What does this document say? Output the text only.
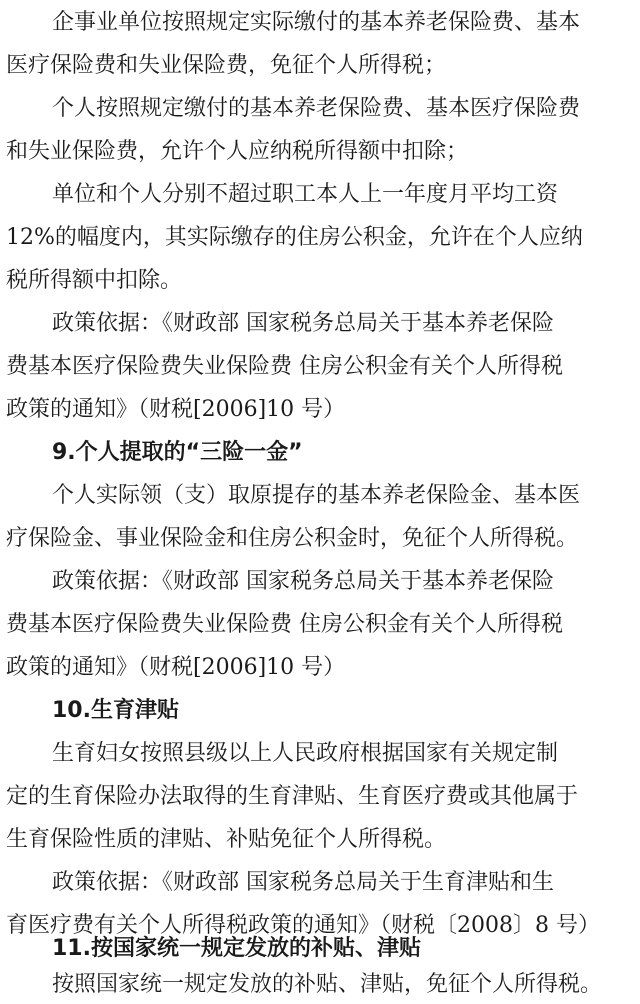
企事业单位按照规定实际缴付的基本养老保险费、基本
医疗保险费和失业保险费，免征个人所得税；
个人按照规定缴付的基本养老保险费、基本医疗保险费
和失业保险费，允许个人应纳税所得额中扣除；
单位和个人分别不超过职工本人上一年度月平均工资
12%的幅度内，其实际缴存的住房公积金，允许在个人应纳
税所得额中扣除。
政策依据：《财政部 国家税务总局关于基本养老保险
费基本医疗保险费失业保险费 住房公积金有关个人所得税
政策的通知》（财税[2006]10 号）
9.个人提取的“三险一金”
个人实际领（支）取原提存的基本养老保险金、基本医
疗保险金、事业保险金和住房公积金时，免征个人所得税。
政策依据：《财政部 国家税务总局关于基本养老保险
费基本医疗保险费失业保险费 住房公积金有关个人所得税
政策的通知》（财税[2006]10 号）
10.生育津贴
生育妇女按照县级以上人民政府根据国家有关规定制
定的生育保险办法取得的生育津贴、生育医疗费或其他属于
生育保险性质的津贴、补贴免征个人所得税。
政策依据：《财政部 国家税务总局关于生育津贴和生
育医疗费有关个人所得税政策的通知》（财税〔2008〕8 号）
11.按国家统一规定发放的补贴、津贴
按照国家统一规定发放的补贴、津贴，免征个人所得税。
